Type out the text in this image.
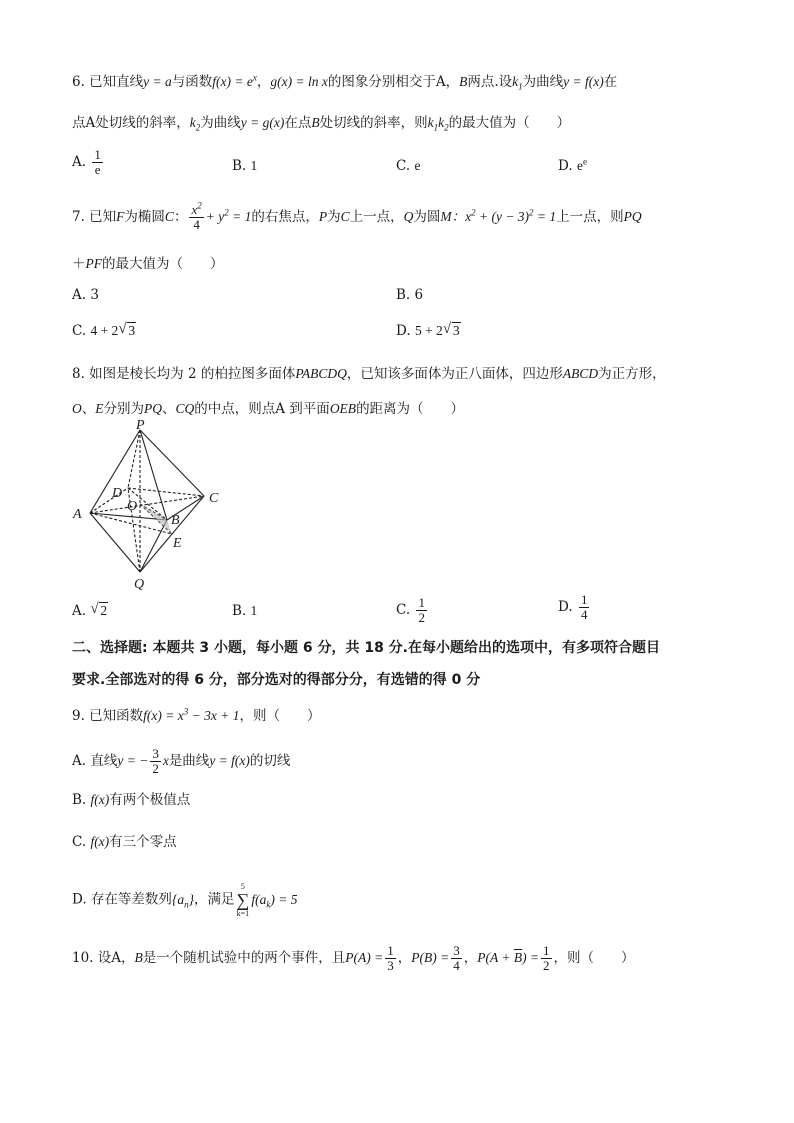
6. 已知直线y = a与函数$f(x) = e^x$，g(x) = ln x的图象分别相交于A，B两点.设$k_1$为曲线y = f(x)在
点A处切线的斜率，$k_2$为曲线y = g(x)在点B处切线的斜率，则$k_1k_2$的最大值为（　　）
A. $\frac{1}{e}$	B. 1	C. e	D. $e^e$
7. 已知F为椭圆C： $\frac{x^2}{4} + y^2 = 1$的右焦点，P为C上一点，Q为圆M：$x^2 + (y - 3)^2 = 1$上一点，则PQ
＋PF的最大值为（　　）
A. 3	B. 6
C. 4 + 2 √ 3	D. 5 + 2 √ 3
8. 如图是棱长均为 2 的柏拉图多面体PABCDQ，已知该多面体为正八面体，四边形ABCD为正方形，
O、E分别为PQ、CQ的中点，则点A 到平面OEB的距离为（　　）
P
D	C
A
O
B
E
Q
A. √ 2	B. 1	C. $\frac{1}{2}$	D. $\frac{1}{4}$
二、选择题: 本题共 3 小题，每小题 6 分，共 18 分.在每小题给出的选项中，有多项符合题目
要求.全部选对的得 6 分，部分选对的得部分分，有选错的得 0 分
9. 已知函数$f(x) = x^3 - 3x + 1$，则（　　）
A. 直线y = − $\frac{3}{2}$ x是曲线y = f(x)的切线
B. f(x)有两个极值点
C. f(x)有三个零点
D. 存在等差数列$\{a_n\}$，满足
5
∑
k=1
$f(a_k) = 5$
10. 设A，B是一个随机试验中的两个事件，且$P(A) = \frac{1}{3}$ ，$P(B) = \frac{3}{4}$ ，$P(A + \overline{B}) = \frac{1}{2}$ ，则（　　）
